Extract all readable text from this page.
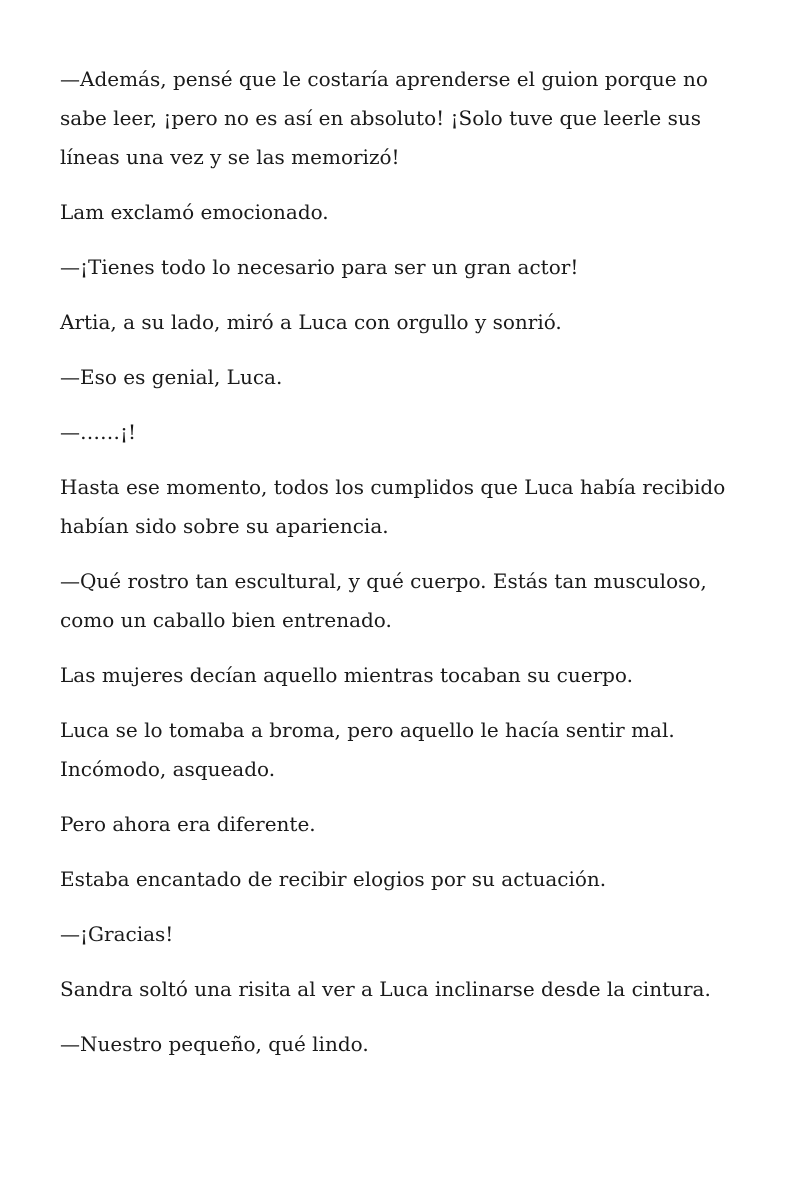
—Además, pensé que le costaría aprenderse el guion porque no sabe leer, ¡pero no es así en absoluto! ¡Solo tuve que leerle sus líneas una vez y se las memorizó!

Lam exclamó emocionado.

—¡Tienes todo lo necesario para ser un gran actor!

Artia, a su lado, miró a Luca con orgullo y sonrió.

—Eso es genial, Luca.

—……¡!

Hasta ese momento, todos los cumplidos que Luca había recibido habían sido sobre su apariencia.

—Qué rostro tan escultural, y qué cuerpo. Estás tan musculoso, como un caballo bien entrenado.

Las mujeres decían aquello mientras tocaban su cuerpo.

Luca se lo tomaba a broma, pero aquello le hacía sentir mal. Incómodo, asqueado.

Pero ahora era diferente.

Estaba encantado de recibir elogios por su actuación.

—¡Gracias!

Sandra soltó una risita al ver a Luca inclinarse desde la cintura.

—Nuestro pequeño, qué lindo.
